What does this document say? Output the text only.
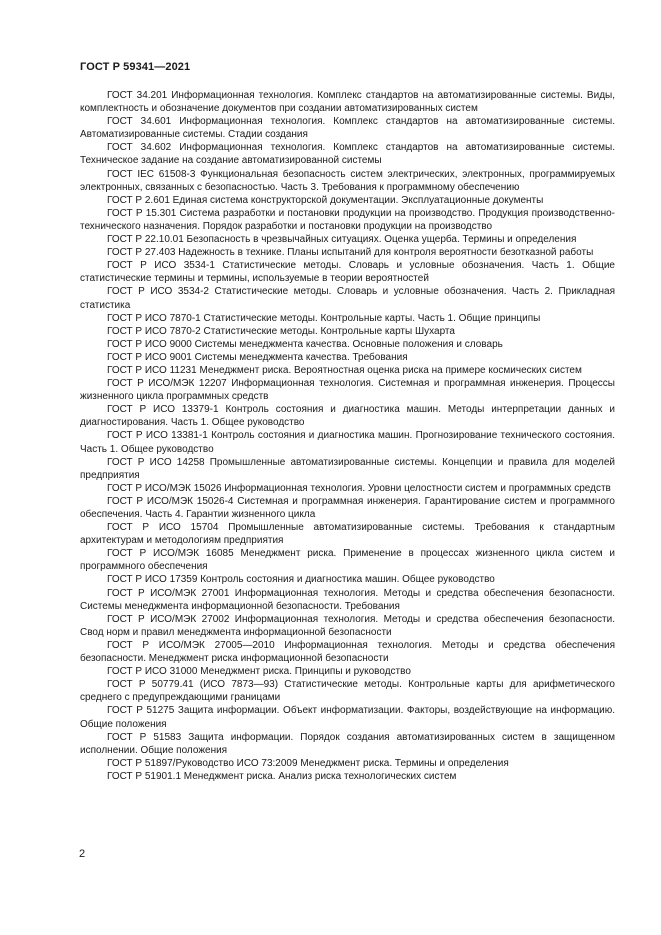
ГОСТ Р 59341—2021

ГОСТ 34.201 Информационная технология. Комплекс стандартов на автоматизированные системы. Виды, комплектность и обозначение документов при создании автоматизированных систем

ГОСТ 34.601 Информационная технология. Комплекс стандартов на автоматизированные системы. Автоматизированные системы. Стадии создания

ГОСТ 34.602 Информационная технология. Комплекс стандартов на автоматизированные системы. Техническое задание на создание автоматизированной системы

ГОСТ IEC 61508-3 Функциональная безопасность систем электрических, электронных, программируемых электронных, связанных с безопасностью. Часть 3. Требования к программному обеспечению

ГОСТ Р 2.601 Единая система конструкторской документации. Эксплуатационные документы

ГОСТ Р 15.301 Система разработки и постановки продукции на производство. Продукция производственно-технического назначения. Порядок разработки и постановки продукции на производство

ГОСТ Р 22.10.01 Безопасность в чрезвычайных ситуациях. Оценка ущерба. Термины и определения

ГОСТ Р 27.403 Надежность в технике. Планы испытаний для контроля вероятности безотказной работы

ГОСТ Р ИСО 3534-1 Статистические методы. Словарь и условные обозначения. Часть 1. Общие статистические термины и термины, используемые в теории вероятностей

ГОСТ Р ИСО 3534-2 Статистические методы. Словарь и условные обозначения. Часть 2. Прикладная статистика

ГОСТ Р ИСО 7870-1 Статистические методы. Контрольные карты. Часть 1. Общие принципы

ГОСТ Р ИСО 7870-2 Статистические методы. Контрольные карты Шухарта

ГОСТ Р ИСО 9000 Системы менеджмента качества. Основные положения и словарь

ГОСТ Р ИСО 9001 Системы менеджмента качества. Требования

ГОСТ Р ИСО 11231 Менеджмент риска. Вероятностная оценка риска на примере космических систем

ГОСТ Р ИСО/МЭК 12207 Информационная технология. Системная и программная инженерия. Процессы жизненного цикла программных средств

ГОСТ Р ИСО 13379-1 Контроль состояния и диагностика машин. Методы интерпретации данных и диагностирования. Часть 1. Общее руководство

ГОСТ Р ИСО 13381-1 Контроль состояния и диагностика машин. Прогнозирование технического состояния. Часть 1. Общее руководство

ГОСТ Р ИСО 14258 Промышленные автоматизированные системы. Концепции и правила для моделей предприятия

ГОСТ Р ИСО/МЭК 15026 Информационная технология. Уровни целостности систем и программных средств

ГОСТ Р ИСО/МЭК 15026-4 Системная и программная инженерия. Гарантирование систем и программного обеспечения. Часть 4. Гарантии жизненного цикла

ГОСТ Р ИСО 15704 Промышленные автоматизированные системы. Требования к стандартным архитектурам и методологиям предприятия

ГОСТ Р ИСО/МЭК 16085 Менеджмент риска. Применение в процессах жизненного цикла систем и программного обеспечения

ГОСТ Р ИСО 17359 Контроль состояния и диагностика машин. Общее руководство

ГОСТ Р ИСО/МЭК 27001 Информационная технология. Методы и средства обеспечения безопасности. Системы менеджмента информационной безопасности. Требования

ГОСТ Р ИСО/МЭК 27002 Информационная технология. Методы и средства обеспечения безопасности. Свод норм и правил менеджмента информационной безопасности

ГОСТ Р ИСО/МЭК 27005—2010 Информационная технология. Методы и средства обеспечения безопасности. Менеджмент риска информационной безопасности

ГОСТ Р ИСО 31000 Менеджмент риска. Принципы и руководство

ГОСТ Р 50779.41 (ИСО 7873—93) Статистические методы. Контрольные карты для арифметического среднего с предупреждающими границами

ГОСТ Р 51275 Защита информации. Объект информатизации. Факторы, воздействующие на информацию. Общие положения

ГОСТ Р 51583 Защита информации. Порядок создания автоматизированных систем в защищенном исполнении. Общие положения

ГОСТ Р 51897/Руководство ИСО 73:2009 Менеджмент риска. Термины и определения

ГОСТ Р 51901.1 Менеджмент риска. Анализ риска технологических систем

2
